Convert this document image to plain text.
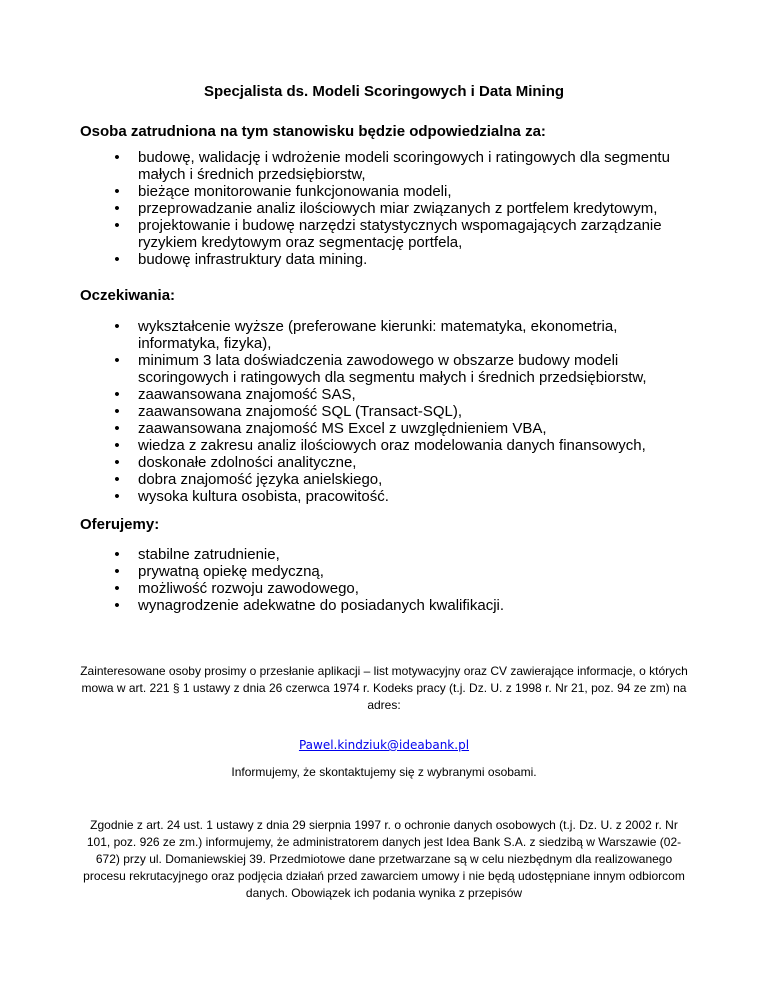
Specjalista ds. Modeli Scoringowych i Data Mining
Osoba zatrudniona na tym stanowisku będzie odpowiedzialna za:
• budowę, walidację i wdrożenie modeli scoringowych i ratingowych dla segmentu małych i średnich przedsiębiorstw,
• bieżące monitorowanie funkcjonowania modeli,
• przeprowadzanie analiz ilościowych miar związanych z portfelem kredytowym,
• projektowanie i budowę narzędzi statystycznych wspomagających zarządzanie ryzykiem kredytowym oraz segmentację portfela,
• budowę infrastruktury data mining.
Oczekiwania:
• wykształcenie wyższe (preferowane kierunki: matematyka, ekonometria, informatyka, fizyka),
• minimum 3 lata doświadczenia zawodowego w obszarze budowy modeli scoringowych i ratingowych dla segmentu małych i średnich przedsiębiorstw,
• zaawansowana znajomość SAS,
• zaawansowana znajomość SQL (Transact-SQL),
• zaawansowana znajomość MS Excel z uwzględnieniem VBA,
• wiedza z zakresu analiz ilościowych oraz modelowania danych finansowych,
• doskonałe zdolności analityczne,
• dobra znajomość języka anielskiego,
• wysoka kultura osobista, pracowitość.
Oferujemy:
• stabilne zatrudnienie,
• prywatną opiekę medyczną,
• możliwość rozwoju zawodowego,
• wynagrodzenie adekwatne do posiadanych kwalifikacji.

Zainteresowane osoby prosimy o przesłanie aplikacji – list motywacyjny oraz CV zawierające informacje, o których mowa w art. 221 § 1 ustawy z dnia 26 czerwca 1974 r. Kodeks pracy (t.j. Dz. U. z 1998 r. Nr 21, poz. 94 ze zm) na adres:

Pawel.kindziuk@ideabank.pl

Informujemy, że skontaktujemy się z wybranymi osobami.

Zgodnie z art. 24 ust. 1 ustawy z dnia 29 sierpnia 1997 r. o ochronie danych osobowych (t.j. Dz. U. z 2002 r. Nr 101, poz. 926 ze zm.) informujemy, że administratorem danych jest Idea Bank S.A. z siedzibą w Warszawie (02-672) przy ul. Domaniewskiej 39. Przedmiotowe dane przetwarzane są w celu niezbędnym dla realizowanego procesu rekrutacyjnego oraz podjęcia działań przed zawarciem umowy i nie będą udostępniane innym odbiorcom danych. Obowiązek ich podania wynika z przepisów
